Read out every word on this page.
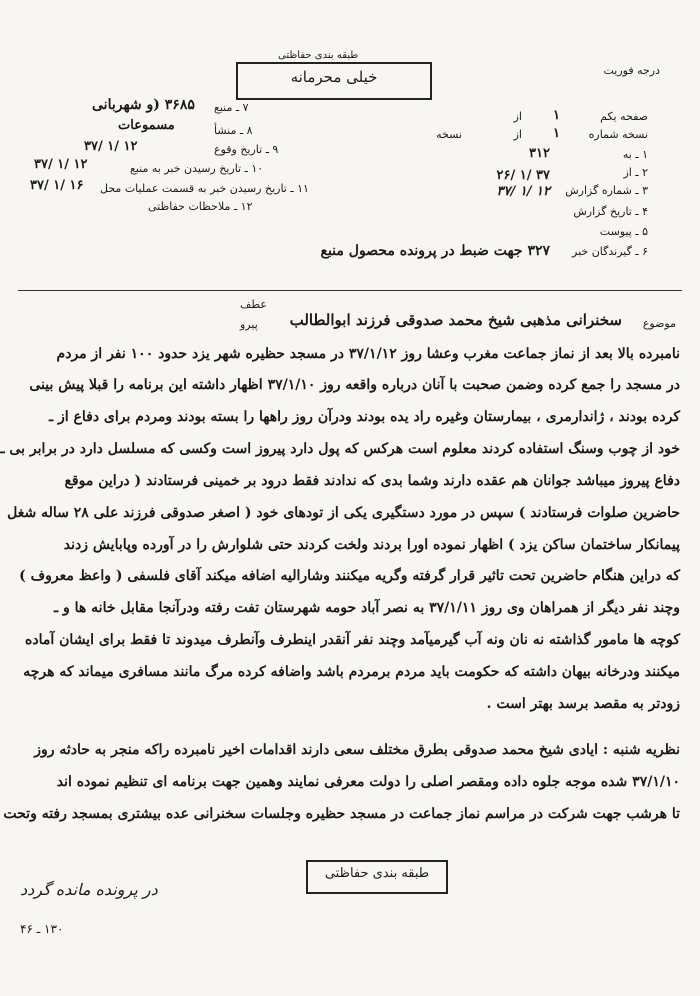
طبقه بندی حفاظتی
خیلی محرمانه	درجه فوریت
صفحه یکم
از ۱
نسخه شماره
از ۱
نسخه
۱ ـ به
۲ ـ از
۳۱۲
۳ ـ شماره گزارش
۲۶/ ۱/ ۳۷
۴ ـ تاریخ گزارش
۳۷/ ۱/ ۱۲
۵ ـ پیوست
۶ ـ گیرندگان خبر
۳۲۷ جهت ضبط در پرونده محصول منبع
۷ ـ منبع
۳۶۸۵ (و شهربانی
۸ ـ منشأ
مسموعات
۹ ـ تاریخ وقوع
۳۷/ ۱/ ۱۲
۱۰ ـ تاریخ رسیدن خبر به منبع
۳۷/ ۱/ ۱۲
۱۱ ـ تاریخ رسیدن خبر به قسمت عملیات محل
۳۷/ ۱/ ۱۶
۱۲ ـ ملاحظات حفاظتی
موضوع
سخنرانی مذهبی شیخ محمد صدوقی فرزند ابوالطالب
عطف
پیرو
نامبرده بالا بعد از نماز جماعت مغرب وعشا روز ۳۷/۱/۱۲ در مسجد حظیره شهر یزد حدود ۱۰۰ نفر از مردم
در مسجد را جمع کرده وضمن صحبت با آنان درباره واقعه روز ۳۷/۱/۱۰ اظهار داشته این برنامه را قبلا پیش بینی
کرده بودند ، ژاندارمری ، بیمارستان وغیره راد یده بودند ودرآن روز راهها را بسته بودند ومردم برای دفاع از ـ
خود از چوب وسنگ استفاده کردند معلوم است هرکس که پول دارد پیروز است وکسی که مسلسل دارد در برابر بی ـ
دفاع پیروز میباشد جوانان هم عقده دارند وشما بدی که ندادند فقط درود بر خمینی فرستادند ( دراین موقع
حاضرین صلوات فرستادند ) سپس در مورد دستگیری یکی از تودهای خود ( اصغر صدوقی فرزند علی ۲۸ ساله شغل
پیمانکار ساختمان ساکن یزد ) اظهار نموده اورا بردند ولخت کردند حتی شلوارش را در آورده وپابایش زدند
که دراین هنگام حاضرین تحت تاثیر قرار گرفته وگریه میکنند وشارالیه اضافه میکند آقای فلسفی ( واعظ معروف )
وچند نفر دیگر از همراهان وی روز ۳۷/۱/۱۱ به نصر آباد حومه شهرستان تفت رفته ودرآنجا مقابل خانه ها و ـ
کوچه ها مامور گذاشته نه نان ونه آب گیرمیآمد وچند نفر آنقدر اینطرف وآنطرف میدوند تا فقط برای ایشان آماده
میکنند ودرخانه بیهان داشته که حکومت باید مردم برمردم باشد واضافه کرده مرگ مانند مسافری میماند که هرچه
زودتر به مقصد برسد بهتر است .
نظریه شنبه : ایادی شیخ محمد صدوقی بطرق مختلف سعی دارند اقدامات اخیر نامبرده راکه منجر به حادثه روز
۳۷/۱/۱۰ شده موجه جلوه داده ومقصر اصلی را دولت معرفی نمایند وهمین جهت برنامه ای تنظیم نموده اند
تا هرشب جهت شرکت در مراسم نماز جماعت در مسجد حظیره وجلسات سخنرانی عده بیشتری بمسجد رفته وتحت
طبقه بندی حفاظتی
در پرونده مانده گردد
۱۳۰ ـ ۴۶
